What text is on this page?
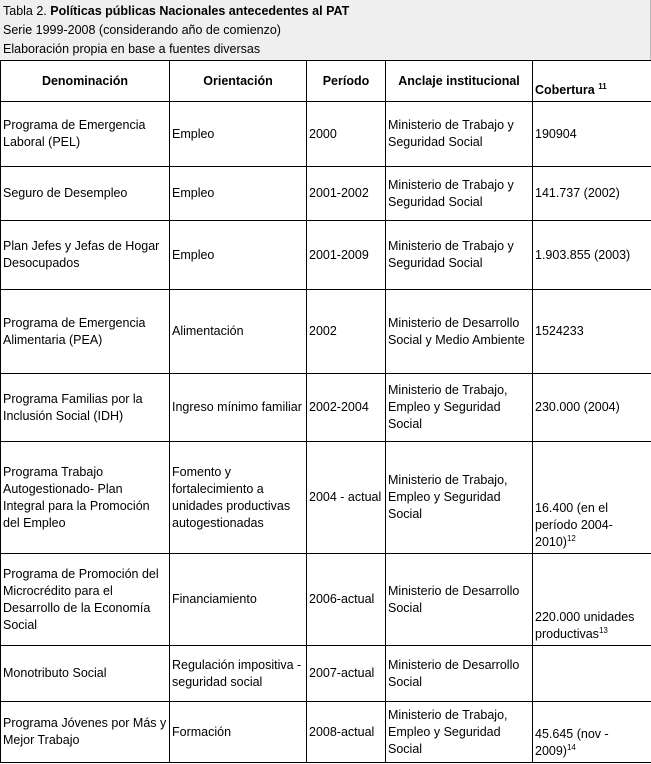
Tabla 2. Políticas públicas Nacionales antecedentes al PAT
Serie 1999-2008 (considerando año de comienzo)
Elaboración propia en base a fuentes diversas
Denominación	Orientación	Período	Anclaje institucional	Cobertura $^{11}$
Programa de Emergencia Laboral (PEL)	Empleo	2000	Ministerio de Trabajo y Seguridad Social	190904
Seguro de Desempleo	Empleo	2001-2002	Ministerio de Trabajo y Seguridad Social	141.737 (2002)
Plan Jefes y Jefas de Hogar Desocupados	Empleo	2001-2009	Ministerio de Trabajo y Seguridad Social	1.903.855 (2003)
Programa de Emergencia Alimentaria (PEA)	Alimentación	2002	Ministerio de Desarrollo Social y Medio Ambiente	1524233
Programa Familias por la Inclusión Social (IDH)	Ingreso mínimo familiar	2002-2004	Ministerio de Trabajo, Empleo y Seguridad Social	230.000 (2004)
Programa Trabajo Autogestionado- Plan Integral para la Promoción del Empleo	Fomento y fortalecimiento a unidades productivas autogestionadas	2004 - actual	Ministerio de Trabajo, Empleo y Seguridad Social	16.400 (en el período 2004-2010)$^{12}$
Programa de Promoción del Microcrédito para el Desarrollo de la Economía Social	Financiamiento	2006-actual	Ministerio de Desarrollo Social	220.000 unidades productivas$^{13}$
Monotributo Social	Regulación impositiva - seguridad social	2007-actual	Ministerio de Desarrollo Social	
Programa Jóvenes por Más y Mejor Trabajo	Formación	2008-actual	Ministerio de Trabajo, Empleo y Seguridad Social	45.645 (nov - 2009)$^{14}$
